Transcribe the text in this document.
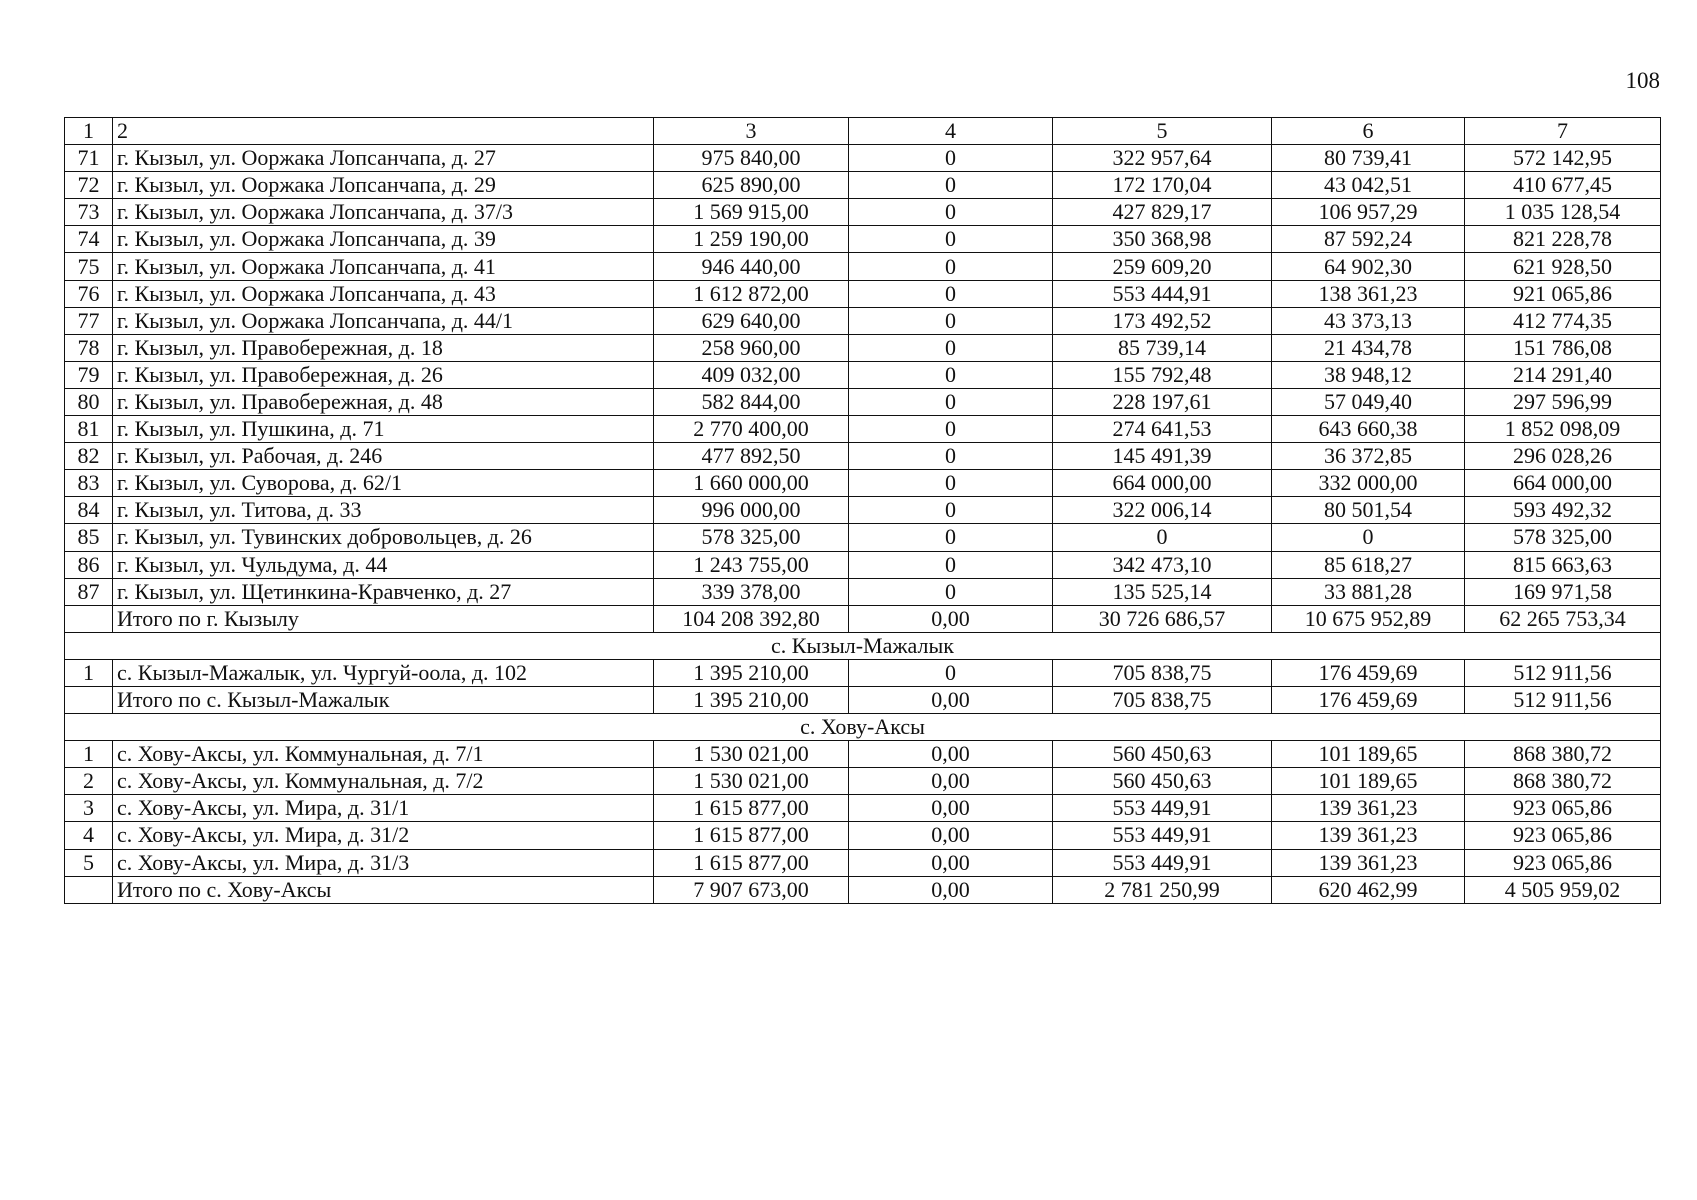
108
1	2	3	4	5	6	7
71	г. Кызыл, ул. Ооржака Лопсанчапа, д. 27	975 840,00	0	322 957,64	80 739,41	572 142,95
72	г. Кызыл, ул. Ооржака Лопсанчапа, д. 29	625 890,00	0	172 170,04	43 042,51	410 677,45
73	г. Кызыл, ул. Ооржака Лопсанчапа, д. 37/3	1 569 915,00	0	427 829,17	106 957,29	1 035 128,54
74	г. Кызыл, ул. Ооржака Лопсанчапа, д. 39	1 259 190,00	0	350 368,98	87 592,24	821 228,78
75	г. Кызыл, ул. Ооржака Лопсанчапа, д. 41	946 440,00	0	259 609,20	64 902,30	621 928,50
76	г. Кызыл, ул. Ооржака Лопсанчапа, д. 43	1 612 872,00	0	553 444,91	138 361,23	921 065,86
77	г. Кызыл, ул. Ооржака Лопсанчапа, д. 44/1	629 640,00	0	173 492,52	43 373,13	412 774,35
78	г. Кызыл, ул. Правобережная, д. 18	258 960,00	0	85 739,14	21 434,78	151 786,08
79	г. Кызыл, ул. Правобережная, д. 26	409 032,00	0	155 792,48	38 948,12	214 291,40
80	г. Кызыл, ул. Правобережная, д. 48	582 844,00	0	228 197,61	57 049,40	297 596,99
81	г. Кызыл, ул. Пушкина, д. 71	2 770 400,00	0	274 641,53	643 660,38	1 852 098,09
82	г. Кызыл, ул. Рабочая, д. 246	477 892,50	0	145 491,39	36 372,85	296 028,26
83	г. Кызыл, ул. Суворова, д. 62/1	1 660 000,00	0	664 000,00	332 000,00	664 000,00
84	г. Кызыл, ул. Титова, д. 33	996 000,00	0	322 006,14	80 501,54	593 492,32
85	г. Кызыл, ул. Тувинских добровольцев, д. 26	578 325,00	0	0	0	578 325,00
86	г. Кызыл, ул. Чульдума, д. 44	1 243 755,00	0	342 473,10	85 618,27	815 663,63
87	г. Кызыл, ул. Щетинкина-Кравченко, д. 27	339 378,00	0	135 525,14	33 881,28	169 971,58
	Итого по г. Кызылу	104 208 392,80	0,00	30 726 686,57	10 675 952,89	62 265 753,34
с. Кызыл-Мажалык						
1	с. Кызыл-Мажалык, ул. Чургуй-оола, д. 102	1 395 210,00	0	705 838,75	176 459,69	512 911,56
	Итого по с. Кызыл-Мажалык	1 395 210,00	0,00	705 838,75	176 459,69	512 911,56
с. Хову-Аксы						
1	с. Хову-Аксы, ул. Коммунальная, д. 7/1	1 530 021,00	0,00	560 450,63	101 189,65	868 380,72
2	с. Хову-Аксы, ул. Коммунальная, д. 7/2	1 530 021,00	0,00	560 450,63	101 189,65	868 380,72
3	с. Хову-Аксы, ул. Мира, д. 31/1	1 615 877,00	0,00	553 449,91	139 361,23	923 065,86
4	с. Хову-Аксы, ул. Мира, д. 31/2	1 615 877,00	0,00	553 449,91	139 361,23	923 065,86
5	с. Хову-Аксы, ул. Мира, д. 31/3	1 615 877,00	0,00	553 449,91	139 361,23	923 065,86
	Итого по с. Хову-Аксы	7 907 673,00	0,00	2 781 250,99	620 462,99	4 505 959,02
